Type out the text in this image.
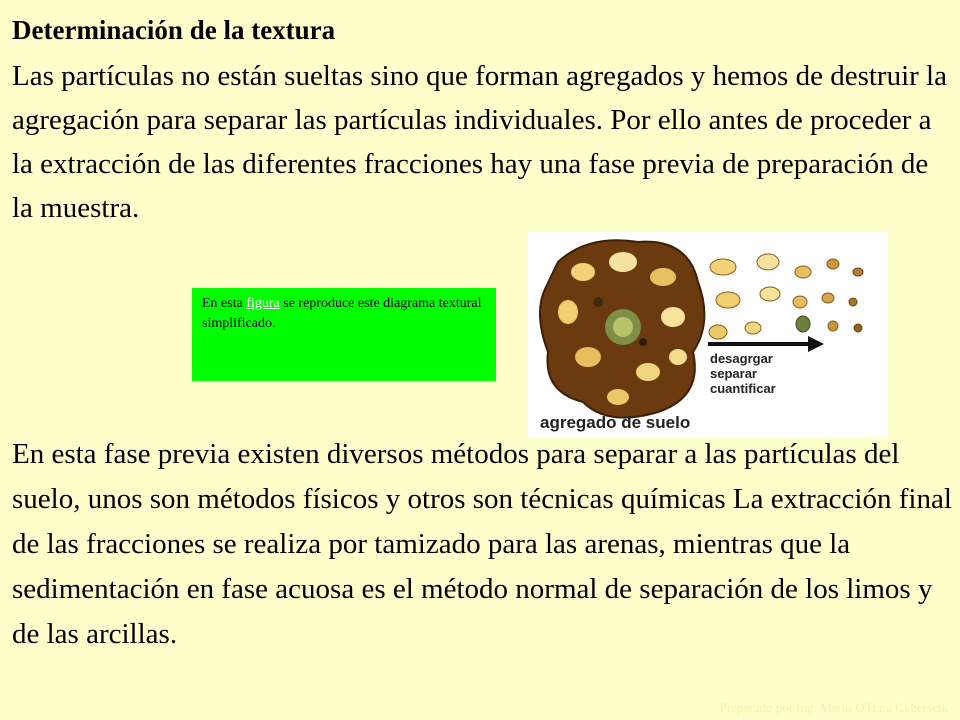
Determinación de la textura

Las partículas no están sueltas sino que forman agregados y hemos de destruir la agregación para separar las partículas individuales. Por ello antes de proceder a la extracción de las diferentes fracciones hay una fase previa de preparación de la muestra.

En esta figura se reproduce este diagrama textural simplificado.
desagrgar
separar
cuantificar
agregado de suelo

En esta fase previa existen diversos métodos para separar a las partículas del suelo, unos son métodos físicos y otros son técnicas químicas La extracción final de las fracciones se realiza por tamizado para las arenas, mientras que la sedimentación en fase acuosa es el método normal de separación de los limos y de las arcillas.

Preparado por Ing. Mario O'Hara Gaberscik
